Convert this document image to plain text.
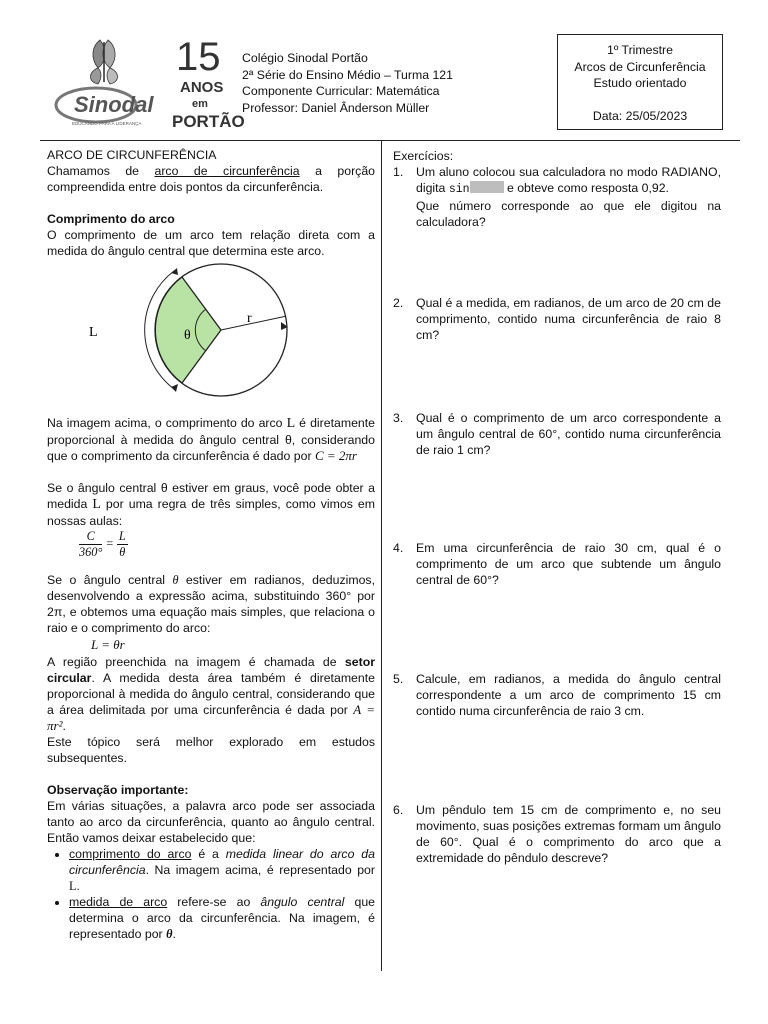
Sinodal
EDUCANDO PARA A LIDERANÇA
15
ANOS
em
PORTÃO
Colégio Sinodal Portão
2ª Série do Ensino Médio – Turma 121
Componente Curricular: Matemática
Professor: Daniel Ânderson Müller
1º Trimestre
Arcos de Circunferência
Estudo orientado
Data: 25/05/2023

ARCO DE CIRCUNFERÊNCIA

Chamamos de arco de circunferência a porção compreendida entre dois pontos da circunferência.

Comprimento do arco

O comprimento de um arco tem relação direta com a medida do ângulo central que determina este arco.

L	θ
r

Na imagem acima, o comprimento do arco L é diretamente proporcional à medida do ângulo central θ, considerando que o comprimento da circunferência é dado por C = 2πr

Se o ângulo central θ estiver em graus, você pode obter a medida L por uma regra de três simples, como vimos em nossas aulas:

$\frac{C}{360^\circ} = \frac{L}{\theta}$

Se o ângulo central θ estiver em radianos, deduzimos, desenvolvendo a expressão acima, substituindo 360° por 2π, e obtemos uma equação mais simples, que relaciona o raio e o comprimento do arco:

L = θr

A região preenchida na imagem é chamada de setor circular. A medida desta área também é diretamente proporcional à medida do ângulo central, considerando que a área delimitada por uma circunferência é dada por A = πr².

Este tópico será melhor explorado em estudos subsequentes.

Observação importante:

Em várias situações, a palavra arco pode ser associada tanto ao arco da circunferência, quanto ao ângulo central. Então vamos deixar estabelecido que:

• comprimento do arco é a medida linear do arco da circunferência. Na imagem acima, é representado por L.
• medida de arco refere-se ao ângulo central que determina o arco da circunferência. Na imagem, é representado por θ.
Exercícios:
1. Um aluno colocou sua calculadora no modo RADIANO, digita sin	e obteve como resposta 0,92.
Que número corresponde ao que ele digitou na calculadora?
2. Qual é a medida, em radianos, de um arco de 20 cm de comprimento, contido numa circunferência de raio 8 cm?
3. Qual é o comprimento de um arco correspondente a um ângulo central de 60°, contido numa circunferência de raio 1 cm?
4. Em uma circunferência de raio 30 cm, qual é o comprimento de um arco que subtende um ângulo central de 60°?
5. Calcule, em radianos, a medida do ângulo central correspondente a um arco de comprimento 15 cm contido numa circunferência de raio 3 cm.
6. Um pêndulo tem 15 cm de comprimento e, no seu movimento, suas posições extremas formam um ângulo de 60°. Qual é o comprimento do arco que a extremidade do pêndulo descreve?
